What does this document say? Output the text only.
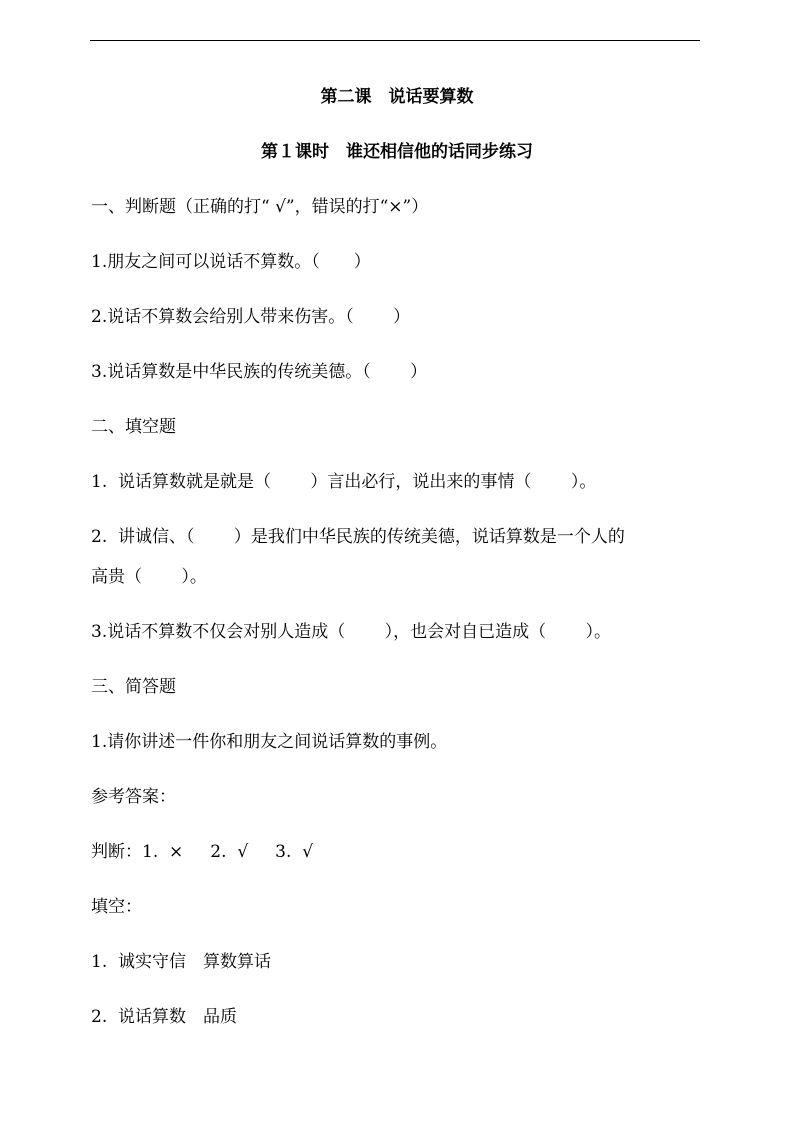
第二课　说话要算数
第１课时　谁还相信他的话同步练习
一、判断题（正确的打“ √”，错误的打“×”）
1.朋友之间可以说话不算数。（　　）
2.说话不算数会给别人带来伤害。（　　 ）
3.说话算数是中华民族的传统美德。（　　 ）
二、填空题
1.  说话算数就是就是（　　 ）言出必行，说出来的事情（　　 ）。
2.  讲诚信、（　　 ）是我们中华民族的传统美德，说话算数是一个人的
高贵（　　 ）。
3.说话不算数不仅会对别人造成（　　 ），也会对自已造成（　　 ）。
三、简答题
1.请你讲述一件你和朋友之间说话算数的事例。
参考答案：
判断：1.  ×     2.  √     3.  √
填空：
1.  诚实守信　算数算话
2.  说话算数　品质
